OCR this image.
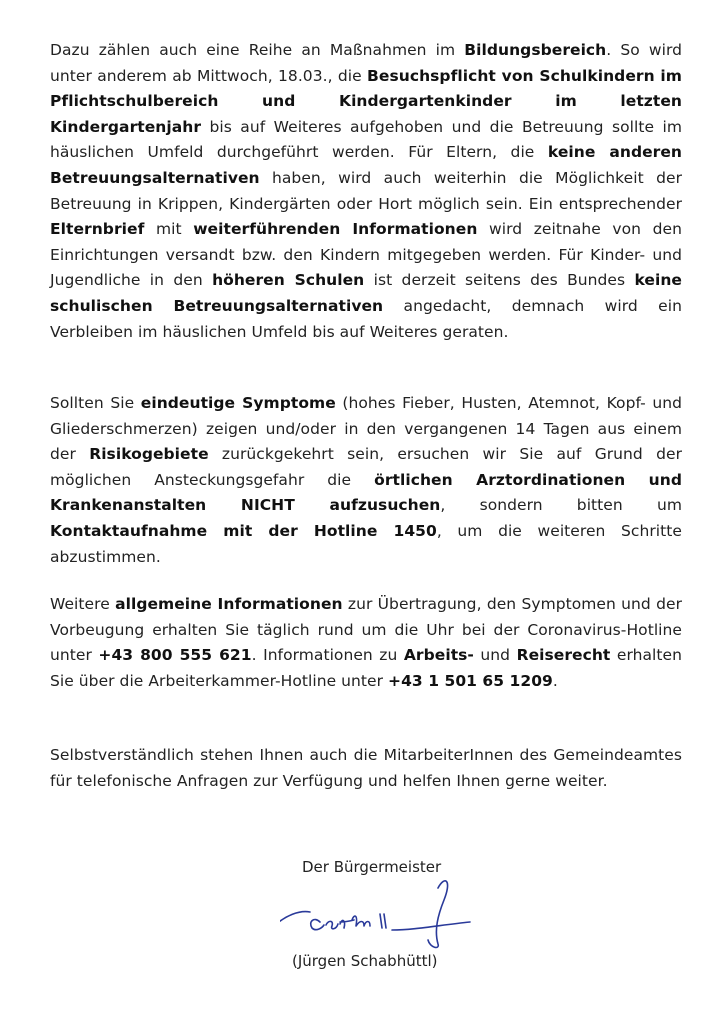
Dazu zählen auch eine Reihe an Maßnahmen im Bildungsbereich. So wird unter anderem ab Mittwoch, 18.03., die Besuchspflicht von Schulkindern im Pflichtschulbereich und Kindergartenkinder im letzten Kindergartenjahr bis auf Weiteres aufgehoben und die Betreuung sollte im häuslichen Umfeld durchgeführt werden. Für Eltern, die keine anderen Betreuungsalternativen haben, wird auch weiterhin die Möglichkeit der Betreuung in Krippen, Kindergärten oder Hort möglich sein. Ein entsprechender Elternbrief mit weiterführenden Informationen wird zeitnahe von den Einrichtungen versandt bzw. den Kindern mitgegeben werden. Für Kinder- und Jugendliche in den höheren Schulen ist derzeit seitens des Bundes keine schulischen Betreuungsalternativen angedacht, demnach wird ein Verbleiben im häuslichen Umfeld bis auf Weiteres geraten.
Sollten Sie eindeutige Symptome (hohes Fieber, Husten, Atemnot, Kopf- und Gliederschmerzen) zeigen und/oder in den vergangenen 14 Tagen aus einem der Risikogebiete zurückgekehrt sein, ersuchen wir Sie auf Grund der möglichen Ansteckungsgefahr die örtlichen Arztordinationen und Krankenanstalten NICHT aufzusuchen, sondern bitten um Kontaktaufnahme mit der Hotline 1450, um die weiteren Schritte abzustimmen.
Weitere allgemeine Informationen zur Übertragung, den Symptomen und der Vorbeugung erhalten Sie täglich rund um die Uhr bei der Coronavirus-Hotline unter +43 800 555 621. Informationen zu Arbeits- und Reiserecht erhalten Sie über die Arbeiterkammer-Hotline unter +43 1 501 65 1209.
Selbstverständlich stehen Ihnen auch die MitarbeiterInnen des Gemeindeamtes für telefonische Anfragen zur Verfügung und helfen Ihnen gerne weiter.
Der Bürgermeister
(Jürgen Schabhüttl)
